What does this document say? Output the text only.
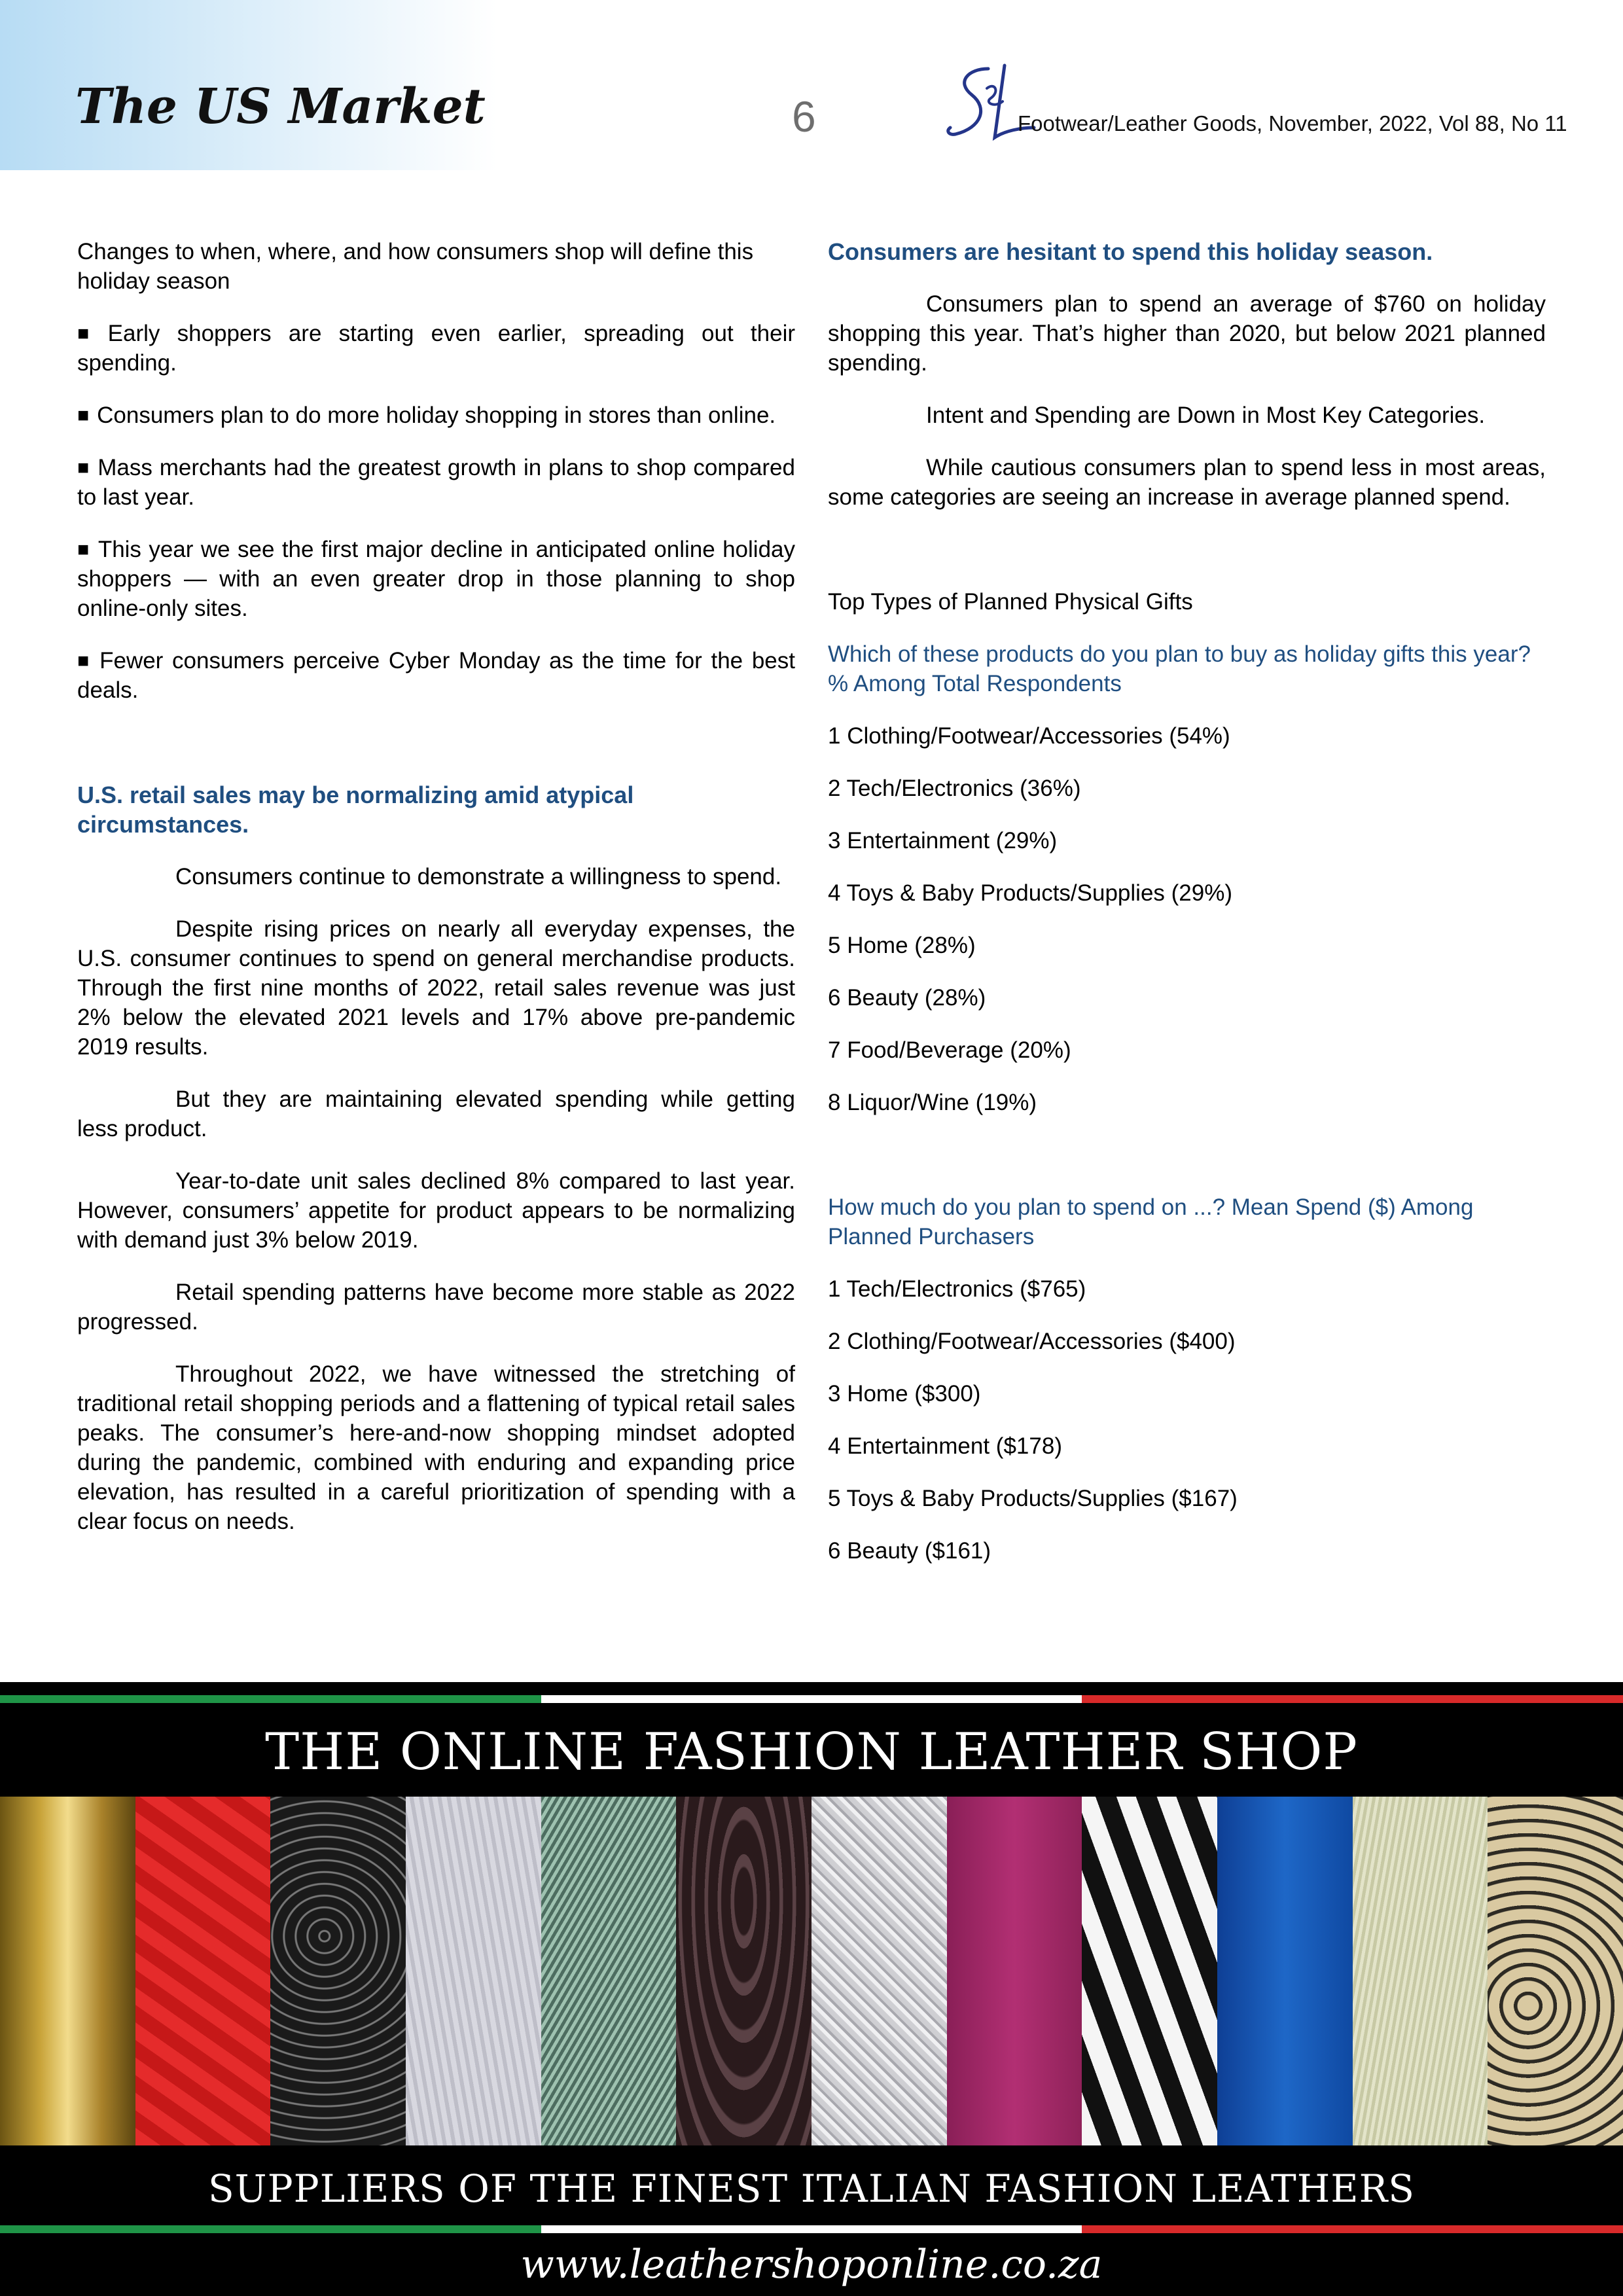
The US Market	6	Footwear/Leather Goods, November, 2022, Vol 88, No 11

Changes to when, where, and how consumers shop will define this holiday season

■ Early shoppers are starting even earlier, spreading out their spending.

■ Consumers plan to do more holiday shopping in stores than online.

■ Mass merchants had the greatest growth in plans to shop compared to last year.

■ This year we see the first major decline in anticipated online holiday shoppers — with an even greater drop in those planning to shop online-only sites.

■ Fewer consumers perceive Cyber Monday as the time for the best deals.

U.S. retail sales may be normalizing amid atypical circumstances.

Consumers continue to demonstrate a willingness to spend.

Despite rising prices on nearly all everyday expenses, the U.S. consumer continues to spend on general merchandise products. Through the first nine months of 2022, retail sales revenue was just 2% below the elevated 2021 levels and 17% above pre-pandemic 2019 results.

But they are maintaining elevated spending while getting less product.

Year-to-date unit sales declined 8% compared to last year. However, consumers’ appetite for product appears to be normalizing with demand just 3% below 2019.

Retail spending patterns have become more stable as 2022 progressed.

Throughout 2022, we have witnessed the stretching of traditional retail shopping periods and a flattening of typical retail sales peaks. The consumer’s here-and-now shopping mindset adopted during the pandemic, combined with enduring and expanding price elevation, has resulted in a careful prioritization of spending with a clear focus on needs.

Consumers are hesitant to spend this holiday season.

Consumers plan to spend an average of $760 on holiday shopping this year. That’s higher than 2020, but below 2021 planned spending.

Intent and Spending are Down in Most Key Categories.

While cautious consumers plan to spend less in most areas, some categories are seeing an increase in average planned spend.

Top Types of Planned Physical Gifts

Which of these products do you plan to buy as holiday gifts this year? % Among Total Respondents

1 Clothing/Footwear/Accessories (54%)
2 Tech/Electronics (36%)
3 Entertainment (29%)
4 Toys & Baby Products/Supplies (29%)
5 Home (28%)
6 Beauty (28%)
7 Food/Beverage (20%)
8 Liquor/Wine (19%)

How much do you plan to spend on ...? Mean Spend ($) Among Planned Purchasers

1 Tech/Electronics ($765)
2 Clothing/Footwear/Accessories ($400)
3 Home ($300)
4 Entertainment ($178)
5 Toys & Baby Products/Supplies ($167)
6 Beauty ($161)
THE ONLINE FASHION LEATHER SHOP
SUPPLIERS OF THE FINEST ITALIAN FASHION LEATHERS
www.leathershoponline.co.za
